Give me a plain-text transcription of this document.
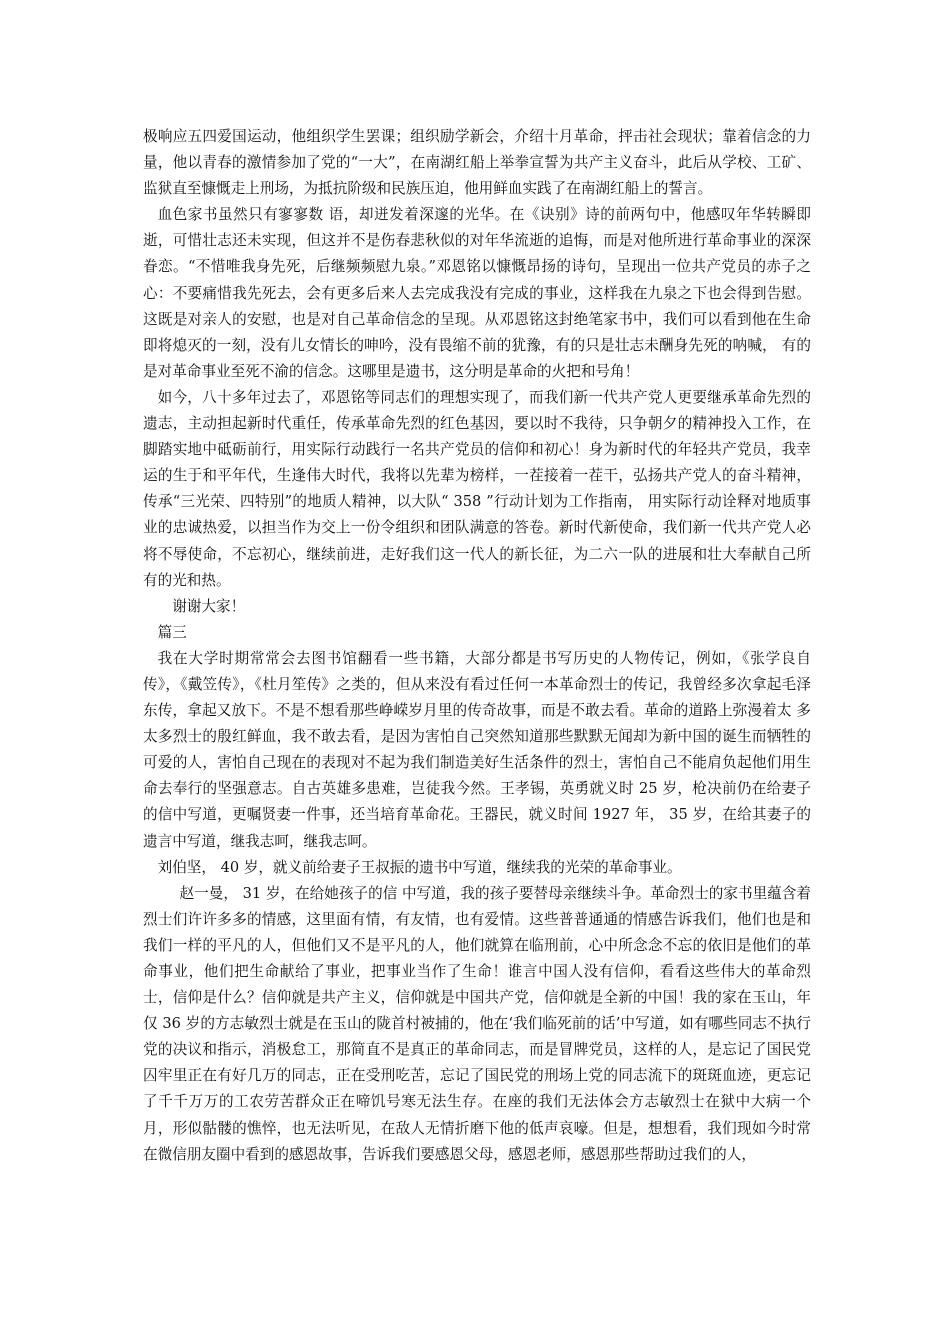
极响应五四爱国运动，他组织学生罢课；组织励学新会，介绍十月革命，抨击社会现状；靠着信念的力量，他以青春的激情参加了党的“一大”，在南湖红船上举拳宣誓为共产主义奋斗，此后从学校、工矿、监狱直至慷慨走上刑场，为抵抗阶级和民族压迫，他用鲜血实践了在南湖红船上的誓言。

血色家书虽然只有寥寥数 语，却迸发着深邃的光华。在《诀别》诗的前两句中，他感叹年华转瞬即逝，可惜壮志还未实现，但这并不是伤春悲秋似的对年华流逝的追悔，而是对他所进行革命事业的深深眷恋。“不惜唯我身先死，后继频频慰九泉。”邓恩铭以慷慨昂扬的诗句，呈现出一位共产党员的赤子之心：不要痛惜我先死去，会有更多后来人去完成我没有完成的事业，这样我在九泉之下也会得到告慰。这既是对亲人的安慰，也是对自己革命信念的呈现。从邓恩铭这封绝笔家书中，我们可以看到他在生命即将熄灭的一刻，没有儿女情长的呻吟，没有畏缩不前的犹豫，有的只是壮志未酬身先死的呐喊， 有的是对革命事业至死不渝的信念。这哪里是遗书，这分明是革命的火把和号角！

如今，八十多年过去了，邓恩铭等同志们的理想实现了，而我们新一代共产党人更要继承革命先烈的遗志，主动担起新时代重任，传承革命先烈的红色基因，要以时不我待，只争朝夕的精神投入工作，在脚踏实地中砥砺前行，用实际行动践行一名共产党员的信仰和初心！身为新时代的年轻共产党员，我幸运的生于和平年代，生逢伟大时代，我将以先辈为榜样，一茬接着一茬干，弘扬共产党人的奋斗精神，传承“三光荣、四特别”的地质人精神，以大队“ 358 ”行动计划为工作指南， 用实际行动诠释对地质事业的忠诚热爱，以担当作为交上一份令组织和团队满意的答卷。新时代新使命，我们新一代共产党人必将不辱使命，不忘初心，继续前进，走好我们这一代人的新长征，为二六一队的进展和壮大奉献自己所有的光和热。

谢谢大家！

篇三

我在大学时期常常会去图书馆翻看一些书籍，大部分都是书写历史的人物传记，例如，《张学良自传》，《戴笠传》，《杜月笙传》之类的，但从来没有看过任何一本革命烈士的传记，我曾经多次拿起毛泽东传，拿起又放下。不是不想看那些峥嵘岁月里的传奇故事，而是不敢去看。革命的道路上弥漫着太 多太多烈士的殷红鲜血，我不敢去看，是因为害怕自己突然知道那些默默无闻却为新中国的诞生而牺牲的可爱的人，害怕自己现在的表现对不起为我们制造美好生活条件的烈士，害怕自己不能肩负起他们用生命去奉行的坚强意志。自古英雄多患难，岂徒我今然。王孝锡，英勇就义时 25 岁，枪决前仍在给妻子的信中写道，更嘱贤妻一件事，还当培育革命花。王器民，就义时间 1927 年， 35 岁，在给其妻子的遗言中写道，继我志呵，继我志呵。

刘伯坚， 40 岁，就义前给妻子王叔振的遗书中写道，继续我的光荣的革命事业。

赵一曼， 31 岁，在给她孩子的信 中写道，我的孩子要替母亲继续斗争。革命烈士的家书里蕴含着烈士们许许多多的情感，这里面有情，有友情，也有爱情。这些普普通通的情感告诉我们，他们也是和我们一样的平凡的人，但他们又不是平凡的人，他们就算在临刑前，心中所念念不忘的依旧是他们的革命事业，他们把生命献给了事业，把事业当作了生命！谁言中国人没有信仰，看看这些伟大的革命烈士，信仰是什么？信仰就是共产主义，信仰就是中国共产党，信仰就是全新的中国！我的家在玉山，年仅 36 岁的方志敏烈士就是在玉山的陇首村被捕的，他在‘我们临死前的话’中写道，如有哪些同志不执行 党的决议和指示，消极怠工，那简直不是真正的革命同志，而是冒牌党员，这样的人，是忘记了国民党囚牢里正在有好几万的同志，正在受刑吃苦，忘记了国民党的刑场上党的同志流下的斑斑血迹，更忘记了千千万万的工农劳苦群众正在啼饥号寒无法生存。在座的我们无法体会方志敏烈士在狱中大病一个月，形似骷髅的憔悴，也无法听见，在敌人无情折磨下他的低声哀嚎。但是，想想看，我们现如今时常在微信朋友圈中看到的感恩故事，告诉我们要感恩父母，感恩老师，感恩那些帮助过我们的人，
